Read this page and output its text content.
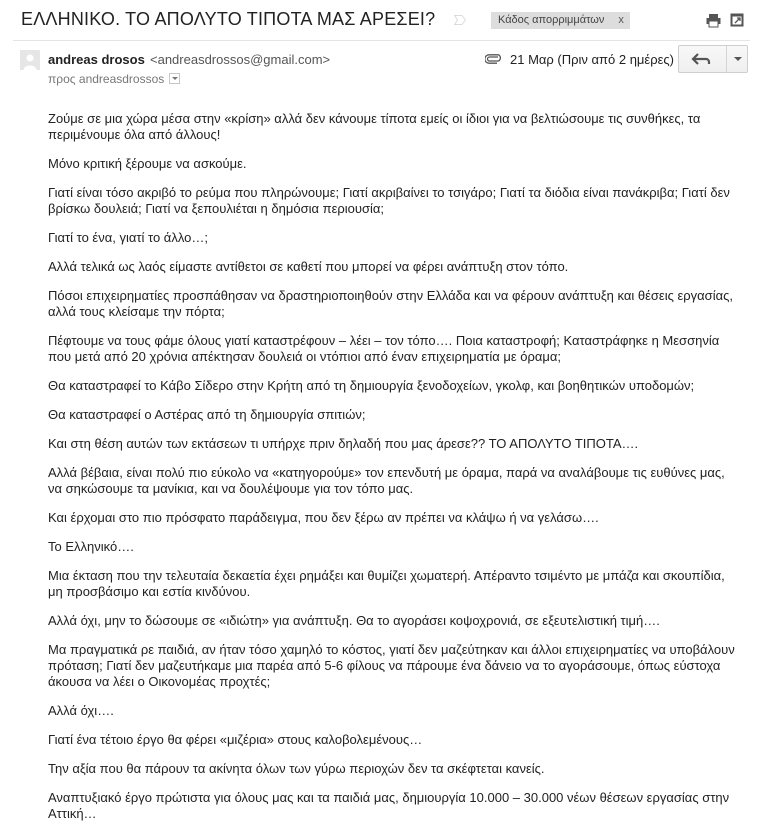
ΕΛΛΗΝΙΚΟ. ΤΟ ΑΠΟΛΥΤΟ ΤΙΠΟΤΑ ΜΑΣ ΑΡΕΣΕΙ?	Κάδος απορριμμάτων x
andreas drosos <andreasdrossos@gmail.com>
προς andreasdrossos
21 Μαρ (Πριν από 2 ημέρες)

Ζούμε σε μια χώρα μέσα στην «κρίση» αλλά δεν κάνουμε τίποτα εμείς οι ίδιοι για να βελτιώσουμε τις συνθήκες, τα περιμένουμε όλα από άλλους!

Μόνο κριτική ξέρουμε να ασκούμε.

Γιατί είναι τόσο ακριβό το ρεύμα που πληρώνουμε; Γιατί ακριβαίνει το τσιγάρο; Γιατί τα διόδια είναι πανάκριβα; Γιατί δεν βρίσκω δουλειά; Γιατί να ξεπουλιέται η δημόσια περιουσία;

Γιατί το ένα, γιατί το άλλο…;

Αλλά τελικά ως λαός είμαστε αντίθετοι σε καθετί που μπορεί να φέρει ανάπτυξη στον τόπο.

Πόσοι επιχειρηματίες προσπάθησαν να δραστηριοποιηθούν στην Ελλάδα και να φέρουν ανάπτυξη και θέσεις εργασίας, αλλά τους κλείσαμε την πόρτα;

Πέφτουμε να τους φάμε όλους γιατί καταστρέφουν – λέει – τον τόπο…. Ποια καταστροφή; Καταστράφηκε η Μεσσηνία που μετά από 20 χρόνια απέκτησαν δουλειά οι ντόπιοι από έναν επιχειρηματία με όραμα;

Θα καταστραφεί το Κάβο Σίδερο στην Κρήτη από τη δημιουργία ξενοδοχείων, γκολφ, και βοηθητικών υποδομών;

Θα καταστραφεί ο Αστέρας από τη δημιουργία σπιτιών;

Και στη θέση αυτών των εκτάσεων τι υπήρχε πριν δηλαδή που μας άρεσε?? ΤΟ ΑΠΟΛΥΤΟ ΤΙΠΟΤΑ….

Αλλά βέβαια, είναι πολύ πιο εύκολο να «κατηγορούμε» τον επενδυτή με όραμα, παρά να αναλάβουμε τις ευθύνες μας, να σηκώσουμε τα μανίκια, και να δουλέψουμε για τον τόπο μας.

Και έρχομαι στο πιο πρόσφατο παράδειγμα, που δεν ξέρω αν πρέπει να κλάψω ή να γελάσω….

Το Ελληνικό….

Μια έκταση που την τελευταία δεκαετία έχει ρημάξει και θυμίζει χωματερή. Απέραντο τσιμέντο με μπάζα και σκουπίδια, μη προσβάσιμο και εστία κινδύνου.

Αλλά όχι, μην το δώσουμε σε «ιδιώτη» για ανάπτυξη. Θα το αγοράσει κοψοχρονιά, σε εξευτελιστική τιμή….

Μα πραγματικά ρε παιδιά, αν ήταν τόσο χαμηλό το κόστος, γιατί δεν μαζεύτηκαν και άλλοι επιχειρηματίες να υποβάλουν πρόταση; Γιατί δεν μαζευτήκαμε μια παρέα από 5-6 φίλους να πάρουμε ένα δάνειο να το αγοράσουμε, όπως εύστοχα άκουσα να λέει ο Οικονομέας προχτές;

Αλλά όχι….

Γιατί ένα τέτοιο έργο θα φέρει «μιζέρια» στους καλοβολεμένους…

Την αξία που θα πάρουν τα ακίνητα όλων των γύρω περιοχών δεν τα σκέφτεται κανείς.

Αναπτυξιακό έργο πρώτιστα για όλους μας και τα παιδιά μας, δημιουργία 10.000 – 30.000 νέων θέσεων εργασίας στην Αττική…
